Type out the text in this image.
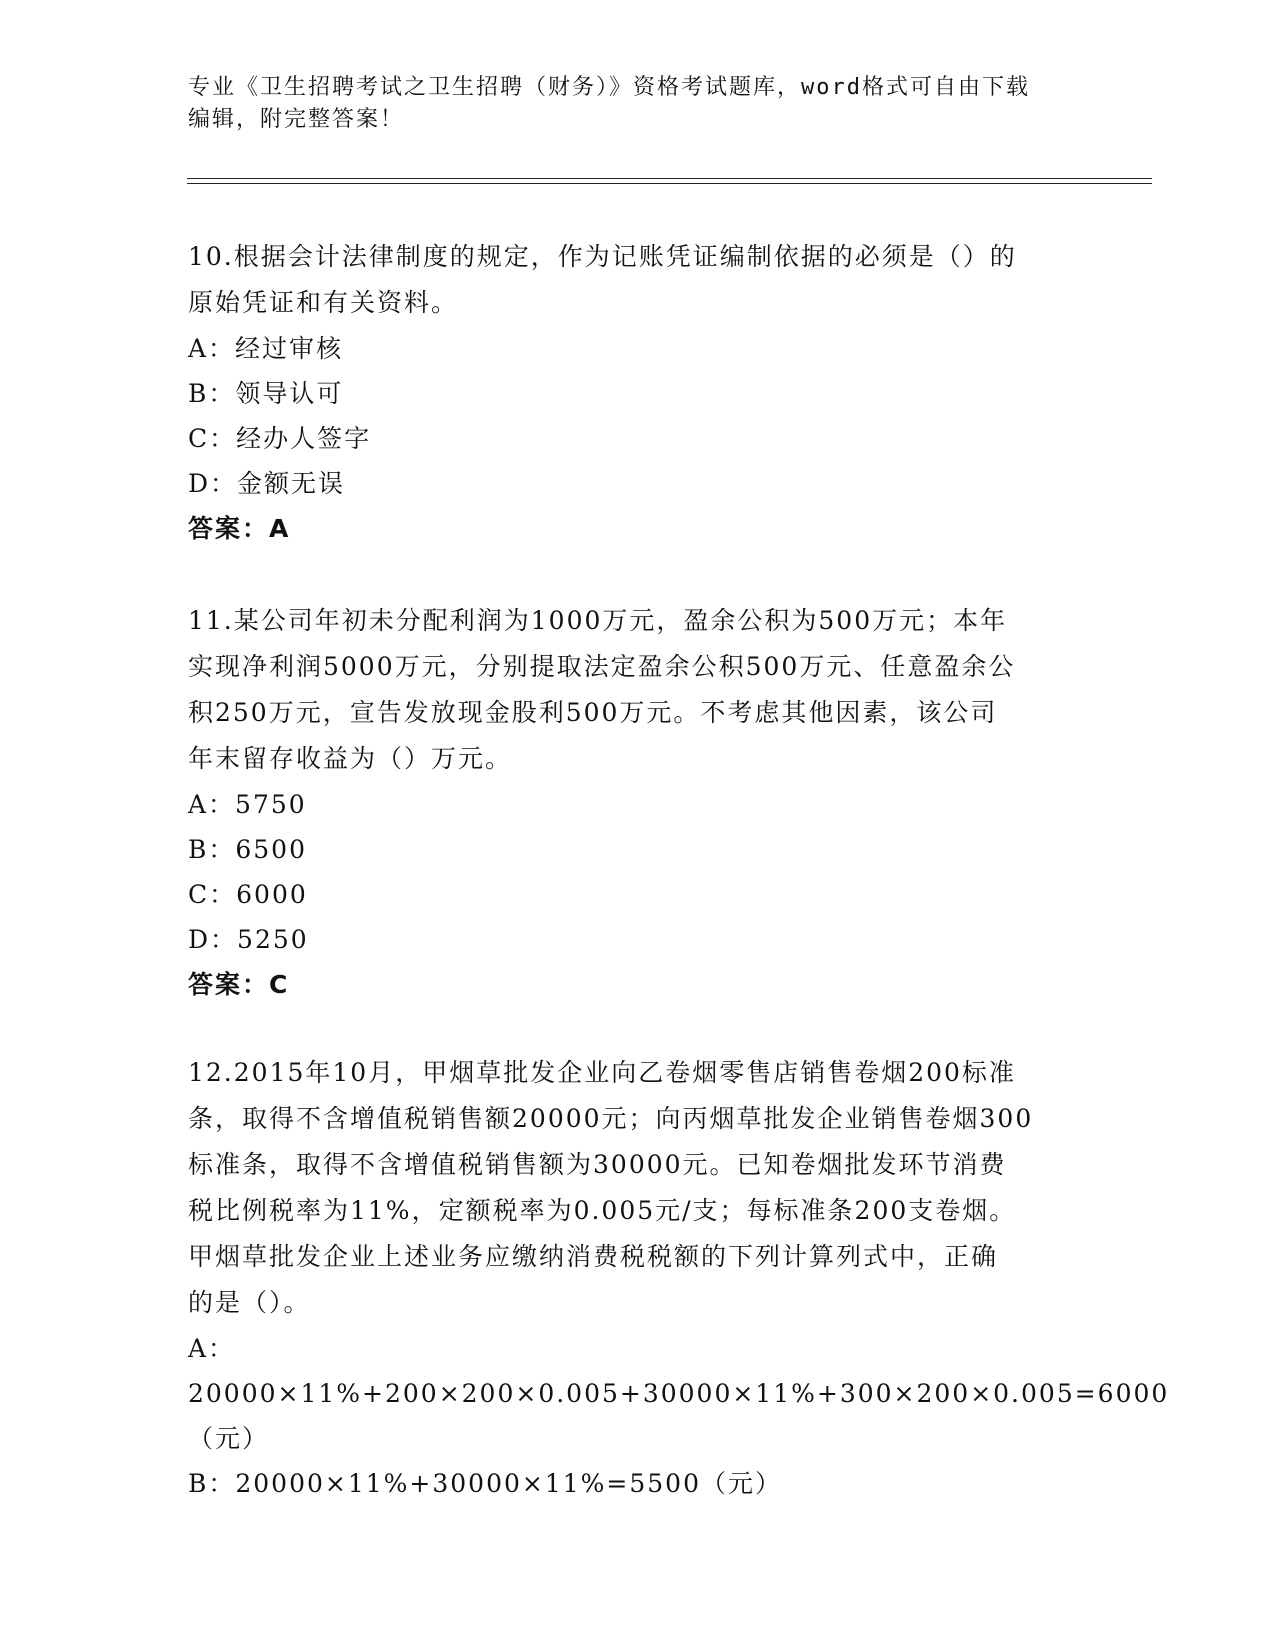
专业《卫生招聘考试之卫生招聘（财务）》资格考试题库，word格式可自由下载
编辑，附完整答案！
10.根据会计法律制度的规定，作为记账凭证编制依据的必须是（）的
原始凭证和有关资料。
A：经过审核
B：领导认可
C：经办人签字
D：金额无误
答案：A
11.某公司年初未分配利润为1000万元，盈余公积为500万元；本年
实现净利润5000万元，分别提取法定盈余公积500万元、任意盈余公
积250万元，宣告发放现金股利500万元。不考虑其他因素，该公司
年末留存收益为（）万元。
A：5750
B：6500
C：6000
D：5250
答案：C
12.2015年10月，甲烟草批发企业向乙卷烟零售店销售卷烟200标准
条，取得不含增值税销售额20000元；向丙烟草批发企业销售卷烟300
标准条，取得不含增值税销售额为30000元。已知卷烟批发环节消费
税比例税率为11%，定额税率为0.005元/支；每标准条200支卷烟。
甲烟草批发企业上述业务应缴纳消费税税额的下列计算列式中，正确
的是（）。
A：20000×11%+200×200×0.005+30000×11%+300×200×0.005=6000
（元）
B：20000×11%+30000×11%=5500（元）
